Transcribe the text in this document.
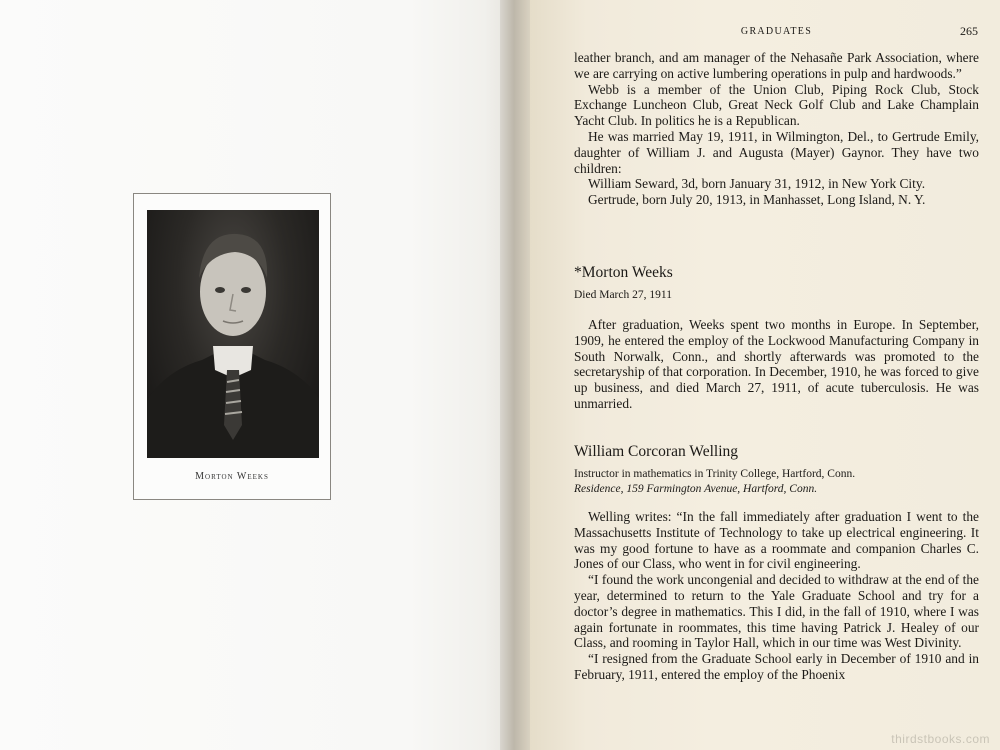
Morton Weeks
GRADUATES	265

leather branch, and am manager of the Nehasañe Park Association, where we are carrying on active lumbering operations in pulp and hardwoods.”

Webb is a member of the Union Club, Piping Rock Club, Stock Exchange Luncheon Club, Great Neck Golf Club and Lake Champlain Yacht Club. In politics he is a Republican.

He was married May 19, 1911, in Wilmington, Del., to Gertrude Emily, daughter of William J. and Augusta (Mayer) Gaynor. They have two children:

William Seward, 3d, born January 31, 1912, in New York City.

Gertrude, born July 20, 1913, in Manhasset, Long Island, N. Y.

*Morton Weeks

Died March 27, 1911

After graduation, Weeks spent two months in Europe. In September, 1909, he entered the employ of the Lockwood Manufacturing Company in South Norwalk, Conn., and shortly afterwards was promoted to the secretaryship of that corporation. In December, 1910, he was forced to give up business, and died March 27, 1911, of acute tuberculosis. He was unmarried.

William Corcoran Welling

Instructor in mathematics in Trinity College, Hartford, Conn.

Residence, 159 Farmington Avenue, Hartford, Conn.

Welling writes: “In the fall immediately after graduation I went to the Massachusetts Institute of Technology to take up electrical engineering. It was my good fortune to have as a roommate and companion Charles C. Jones of our Class, who went in for civil engineering.

“I found the work uncongenial and decided to withdraw at the end of the year, determined to return to the Yale Graduate School and try for a doctor’s degree in mathematics. This I did, in the fall of 1910, where I was again fortunate in roommates, this time having Patrick J. Healey of our Class, and rooming in Taylor Hall, which in our time was West Divinity.

“I resigned from the Graduate School early in December of 1910 and in February, 1911, entered the employ of the Phoenix

thirdstbooks.com
